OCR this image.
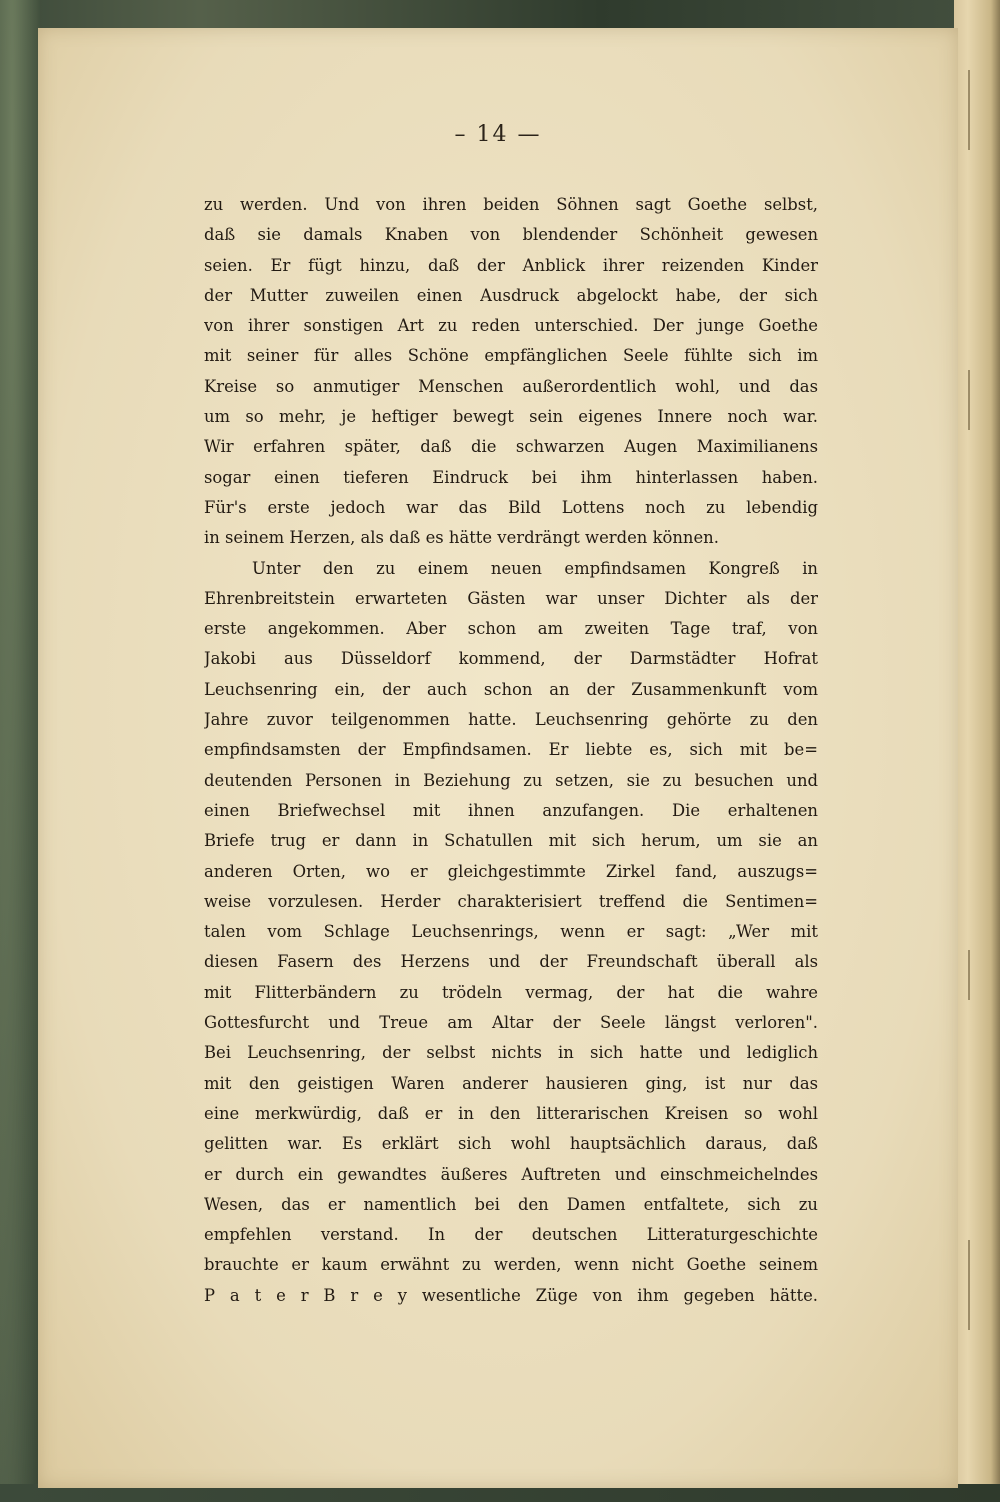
– 14 —
zu werden. Und von ihren beiden Söhnen sagt Goethe selbst,
daß sie damals Knaben von blendender Schönheit gewesen
seien. Er fügt hinzu, daß der Anblick ihrer reizenden Kinder
der Mutter zuweilen einen Ausdruck abgelockt habe, der sich
von ihrer sonstigen Art zu reden unterschied. Der junge Goethe
mit seiner für alles Schöne empfänglichen Seele fühlte sich im
Kreise so anmutiger Menschen außerordentlich wohl, und das
um so mehr, je heftiger bewegt sein eigenes Innere noch war.
Wir erfahren später, daß die schwarzen Augen Maximilianens
sogar einen tieferen Eindruck bei ihm hinterlassen haben.
Für's erste jedoch war das Bild Lottens noch zu lebendig
in seinem Herzen, als daß es hätte verdrängt werden können.
Unter den zu einem neuen empfindsamen Kongreß in
Ehrenbreitstein erwarteten Gästen war unser Dichter als der
erste angekommen. Aber schon am zweiten Tage traf, von
Jakobi aus Düsseldorf kommend, der Darmstädter Hofrat
Leuchsenring ein, der auch schon an der Zusammenkunft vom
Jahre zuvor teilgenommen hatte. Leuchsenring gehörte zu den
empfindsamsten der Empfindsamen. Er liebte es, sich mit be=
deutenden Personen in Beziehung zu setzen, sie zu besuchen und
einen Briefwechsel mit ihnen anzufangen. Die erhaltenen
Briefe trug er dann in Schatullen mit sich herum, um sie an
anderen Orten, wo er gleichgestimmte Zirkel fand, auszugs=
weise vorzulesen. Herder charakterisiert treffend die Sentimen=
talen vom Schlage Leuchsenrings, wenn er sagt: „Wer mit
diesen Fasern des Herzens und der Freundschaft überall als
mit Flitterbändern zu trödeln vermag, der hat die wahre
Gottesfurcht und Treue am Altar der Seele längst verloren".
Bei Leuchsenring, der selbst nichts in sich hatte und lediglich
mit den geistigen Waren anderer hausieren ging, ist nur das
eine merkwürdig, daß er in den litterarischen Kreisen so wohl
gelitten war. Es erklärt sich wohl hauptsächlich daraus, daß
er durch ein gewandtes äußeres Auftreten und einschmeichelndes
Wesen, das er namentlich bei den Damen entfaltete, sich zu
empfehlen verstand. In der deutschen Litteraturgeschichte
brauchte er kaum erwähnt zu werden, wenn nicht Goethe seinem
P a t e r B r e y wesentliche Züge von ihm gegeben hätte.
